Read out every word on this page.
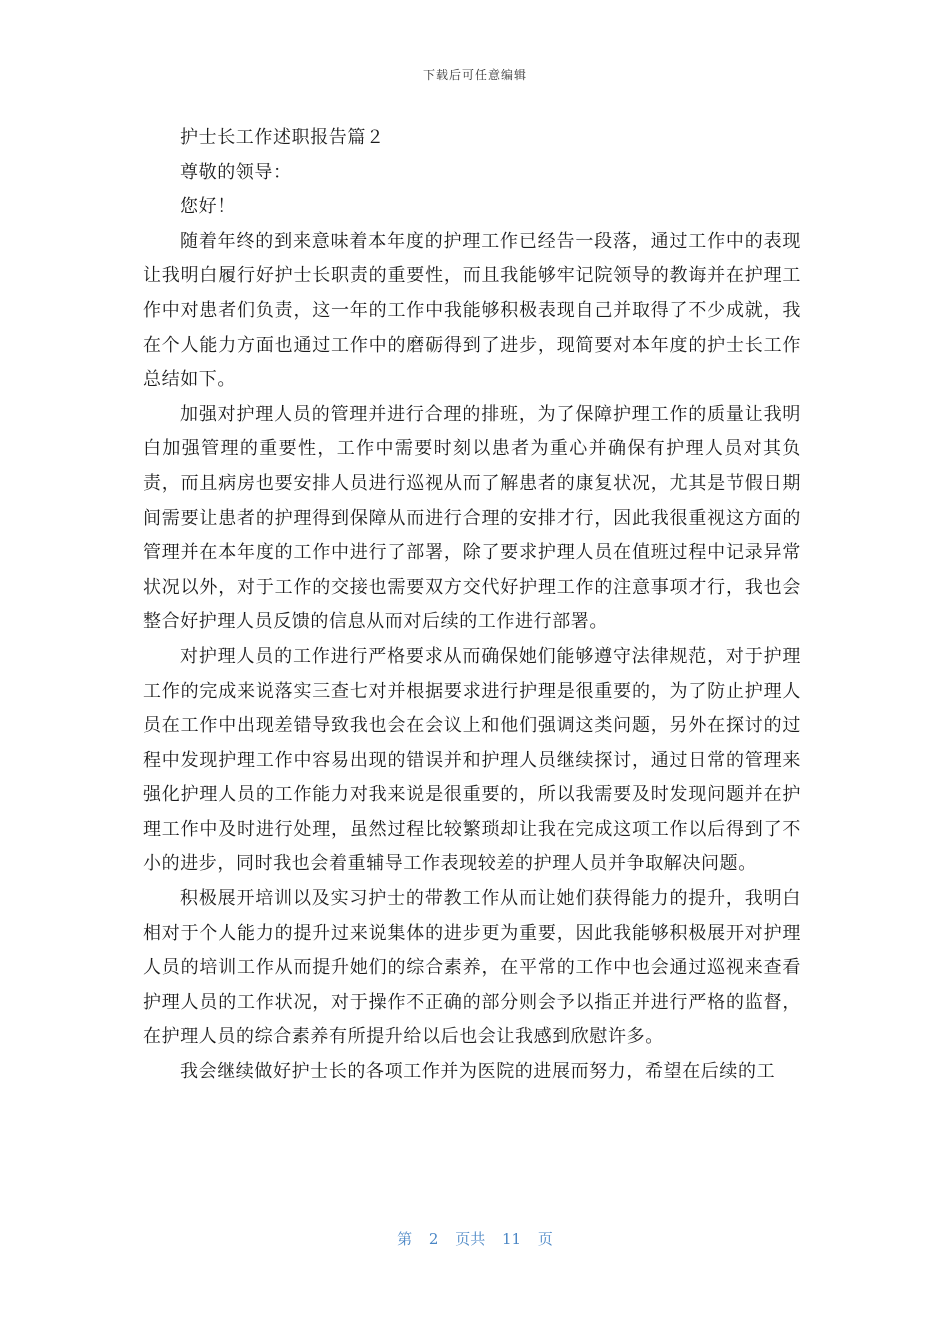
下载后可任意编辑

护士长工作述职报告篇２

尊敬的领导：

您好！

随着年终的到来意味着本年度的护理工作已经告一段落，通过工作中的表现让我明白履行好护士长职责的重要性，而且我能够牢记院领导的教诲并在护理工作中对患者们负责，这一年的工作中我能够积极表现自己并取得了不少成就，我在个人能力方面也通过工作中的磨砺得到了进步，现简要对本年度的护士长工作总结如下。

加强对护理人员的管理并进行合理的排班，为了保障护理工作的质量让我明白加强管理的重要性，工作中需要时刻以患者为重心并确保有护理人员对其负责，而且病房也要安排人员进行巡视从而了解患者的康复状况，尤其是节假日期间需要让患者的护理得到保障从而进行合理的安排才行，因此我很重视这方面的管理并在本年度的工作中进行了部署，除了要求护理人员在值班过程中记录异常状况以外，对于工作的交接也需要双方交代好护理工作的注意事项才行，我也会整合好护理人员反馈的信息从而对后续的工作进行部署。

对护理人员的工作进行严格要求从而确保她们能够遵守法律规范，对于护理工作的完成来说落实三查七对并根据要求进行护理是很重要的，为了防止护理人员在工作中出现差错导致我也会在会议上和他们强调这类问题，另外在探讨的过程中发现护理工作中容易出现的错误并和护理人员继续探讨，通过日常的管理来强化护理人员的工作能力对我来说是很重要的，所以我需要及时发现问题并在护理工作中及时进行处理，虽然过程比较繁琐却让我在完成这项工作以后得到了不小的进步，同时我也会着重辅导工作表现较差的护理人员并争取解决问题。

积极展开培训以及实习护士的带教工作从而让她们获得能力的提升，我明白相对于个人能力的提升过来说集体的进步更为重要，因此我能够积极展开对护理人员的培训工作从而提升她们的综合素养，在平常的工作中也会通过巡视来查看护理人员的工作状况，对于操作不正确的部分则会予以指正并进行严格的监督，在护理人员的综合素养有所提升给以后也会让我感到欣慰许多。

我会继续做好护士长的各项工作并为医院的进展而努力，希望在后续的工

第 2 页共 11 页
